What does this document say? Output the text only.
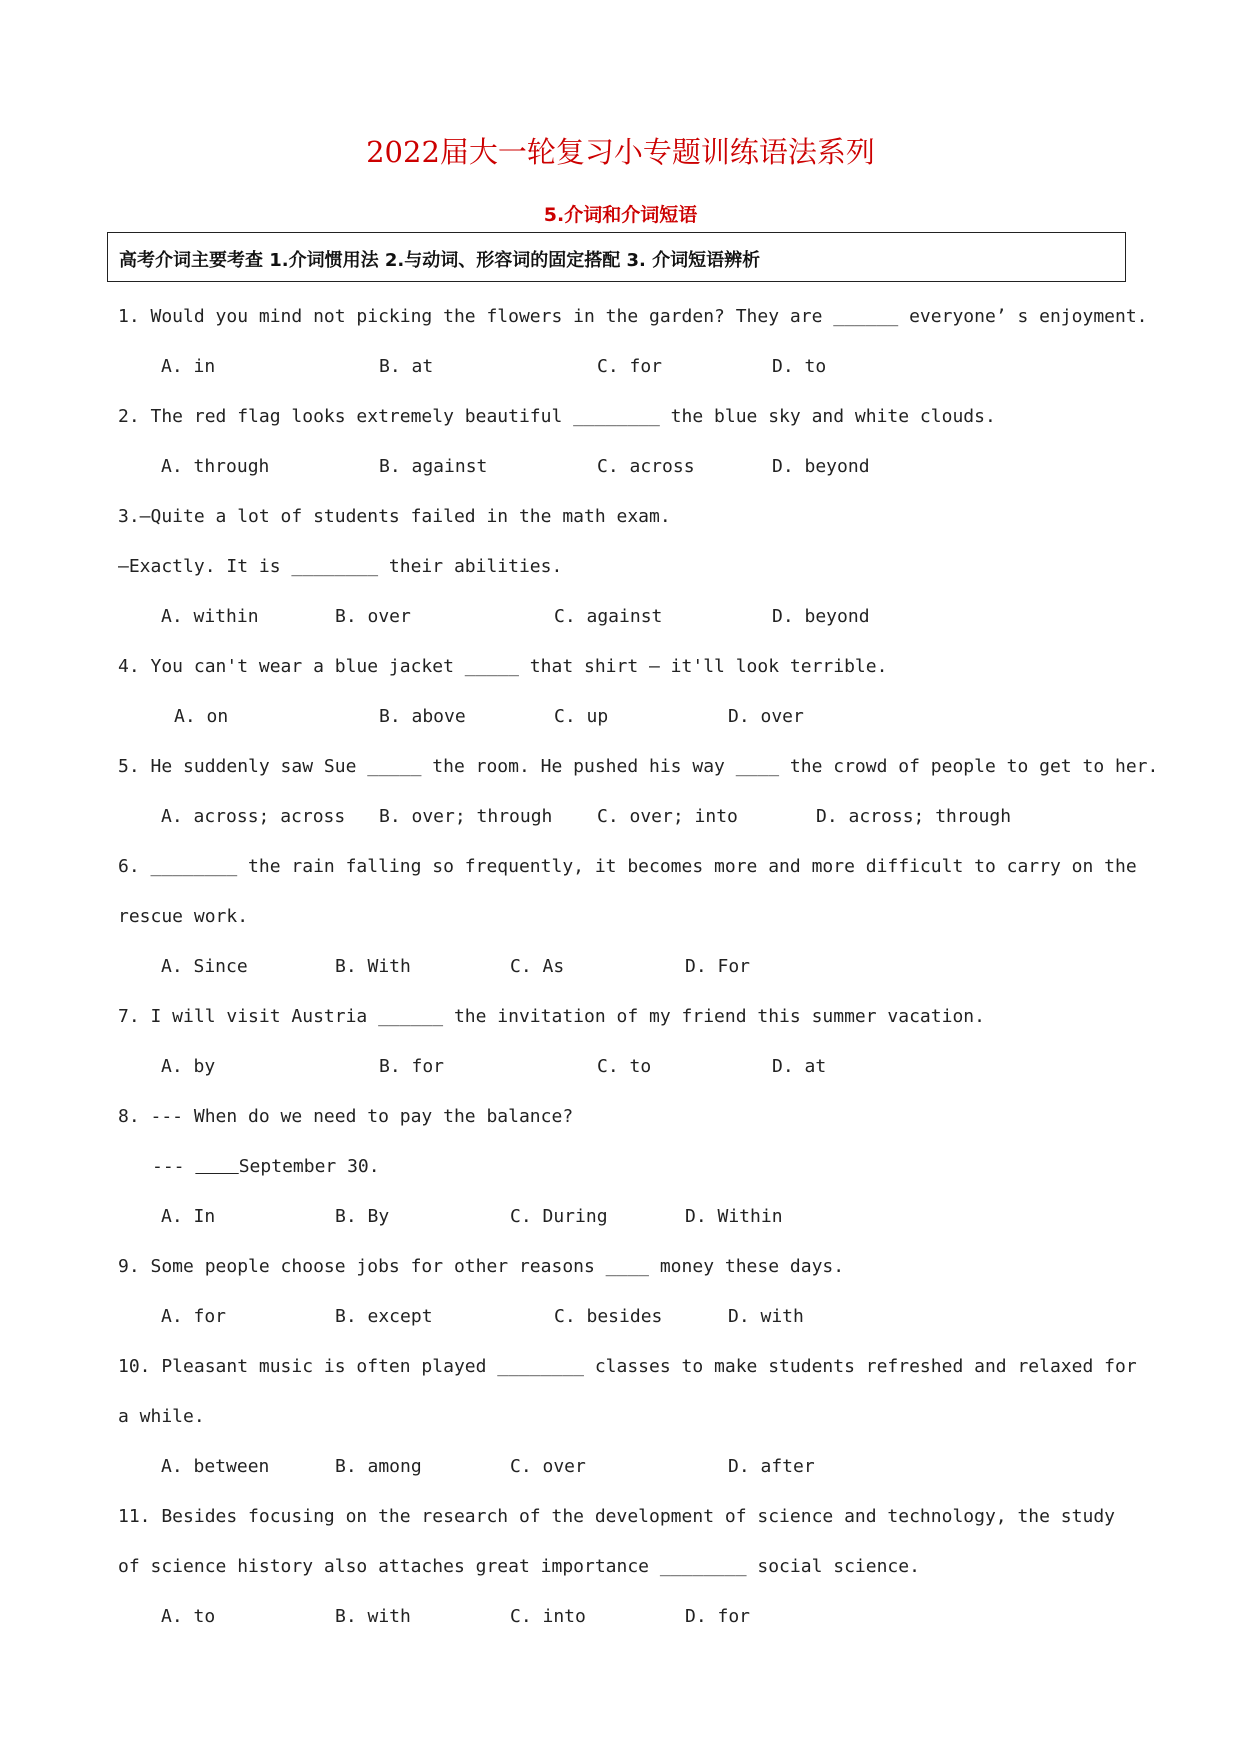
2022届大一轮复习小专题训练语法系列
5.介词和介词短语
高考介词主要考查 1.介词惯用法 2.与动词、形容词的固定搭配 3. 介词短语辨析
1. Would you mind not picking the flowers in the garden? They are ______ everyone’ s enjoyment.
A. in	B. at	C. for	D. to
2. The red flag looks extremely beautiful ________ the blue sky and white clouds.
A. through	B. against	C. across	D. beyond
3.—Quite a lot of students failed in the math exam.
—Exactly. It is ________ their abilities.
A. within	B. over	C. against	D. beyond
4. You can't wear a blue jacket _____ that shirt — it'll look terrible.
A. on	B. above	C. up	D. over
5. He suddenly saw Sue _____ the room. He pushed his way ____ the crowd of people to get to her.
A. across; across B. over; through C. over; into	D. across; through
6. ________ the rain falling so frequently, it becomes more and more difficult to carry on the
rescue work.
A. Since	B. With	C. As	D. For
7. I will visit Austria ______ the invitation of my friend this summer vacation.
A. by	B. for	C. to	D. at
8. --- When do we need to pay the balance?
---	September 30.
A. In	B. By	C. During	D. Within
9. Some people choose jobs for other reasons ____ money these days.
A. for	B. except	C. besides	D. with
10. Pleasant music is often played ________ classes to make students refreshed and relaxed for
a while.
A. between	B. among	C. over	D. after
11. Besides focusing on the research of the development of science and technology, the study
of science history also attaches great importance ________ social science.
A. to	B. with	C. into	D. for
